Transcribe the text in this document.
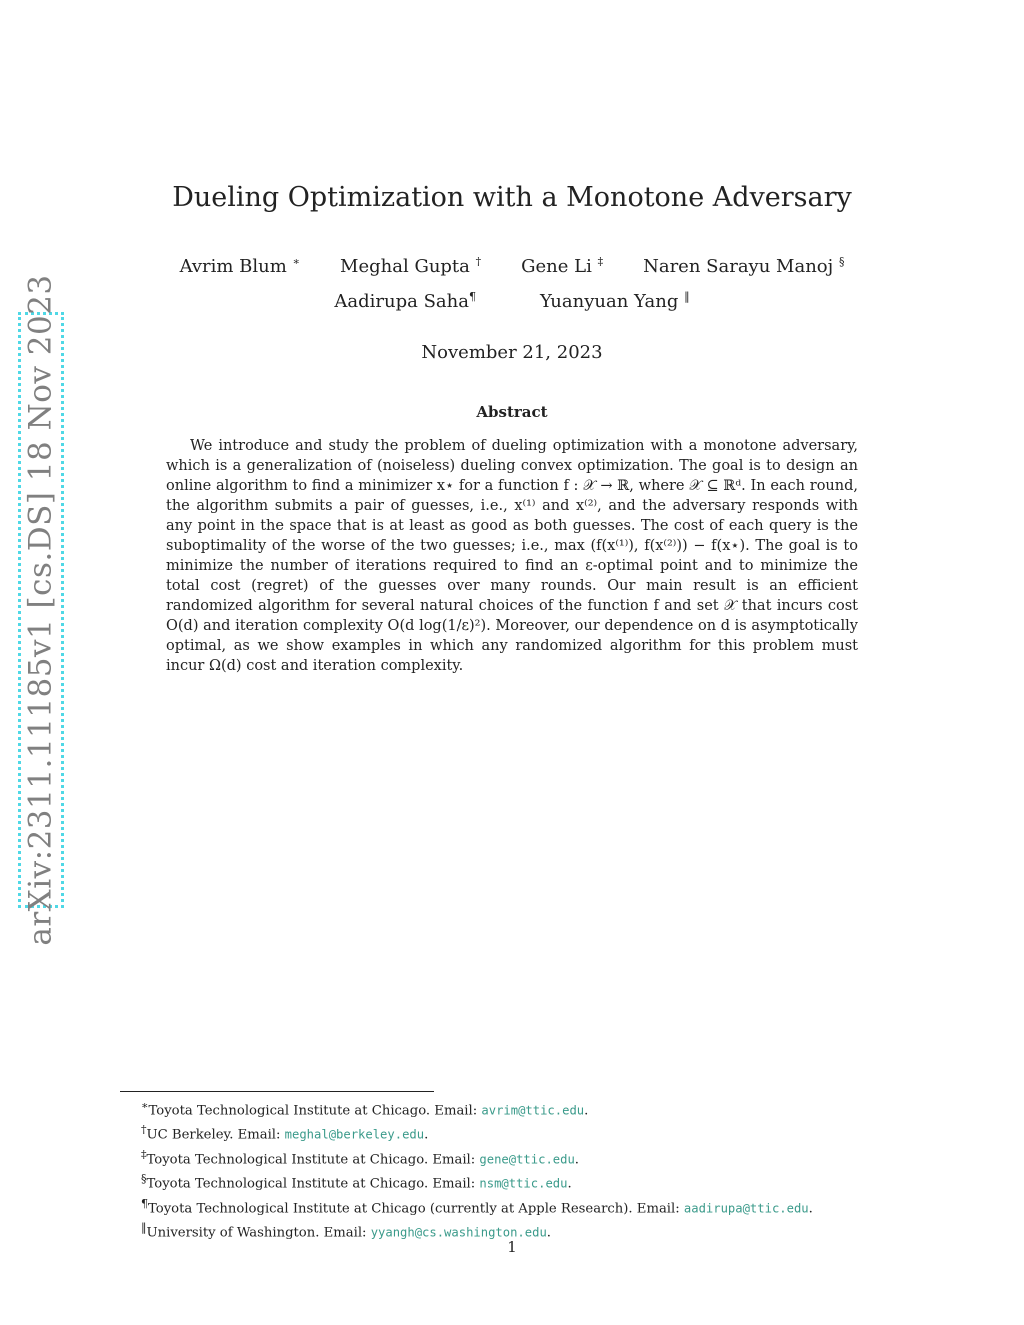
arXiv:2311.11185v1 [cs.DS] 18 Nov 2023
Dueling Optimization with a Monotone Adversary
Avrim Blum ∗ Meghal Gupta † Gene Li ‡ Naren Sarayu Manoj §
Aadirupa Saha¶	Yuanyuan Yang ‖
November 21, 2023
Abstract
We introduce and study the problem of dueling optimization with a monotone adversary, which is a generalization of (noiseless) dueling convex optimization. The goal is to design an online algorithm to find a minimizer x⋆ for a function f : 𝒳 → ℝ, where 𝒳 ⊆ ℝᵈ. In each round, the algorithm submits a pair of guesses, i.e., x⁽¹⁾ and x⁽²⁾, and the adversary responds with any point in the space that is at least as good as both guesses. The cost of each query is the suboptimality of the worse of the two guesses; i.e., max (f(x⁽¹⁾), f(x⁽²⁾)) − f(x⋆). The goal is to minimize the number of iterations required to find an ε-optimal point and to minimize the total cost (regret) of the guesses over many rounds. Our main result is an efficient randomized algorithm for several natural choices of the function f and set 𝒳 that incurs cost O(d) and iteration complexity O(d log(1/ε)²). Moreover, our dependence on d is asymptotically optimal, as we show examples in which any randomized algorithm for this problem must incur Ω(d) cost and iteration complexity.
∗Toyota Technological Institute at Chicago. Email: avrim@ttic.edu.
†UC Berkeley. Email: meghal@berkeley.edu.
‡Toyota Technological Institute at Chicago. Email: gene@ttic.edu.
§Toyota Technological Institute at Chicago. Email: nsm@ttic.edu.
¶Toyota Technological Institute at Chicago (currently at Apple Research). Email: aadirupa@ttic.edu.
‖University of Washington. Email: yyangh@cs.washington.edu.
1
